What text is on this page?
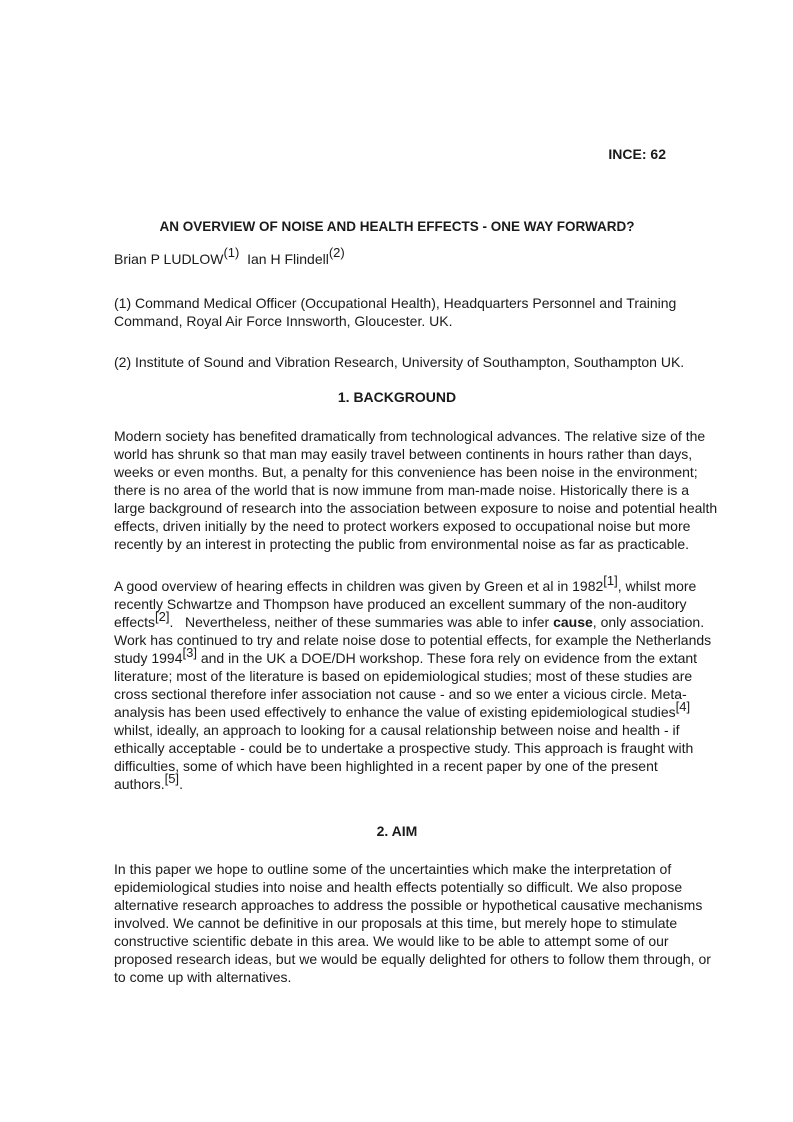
INCE: 62
AN OVERVIEW OF NOISE AND HEALTH EFFECTS - ONE WAY FORWARD?
Brian P LUDLOW$^{(1)}$ Ian H Flindell$^{(2)}$
(1) Command Medical Officer (Occupational Health), Headquarters Personnel and Training
Command, Royal Air Force Innsworth, Gloucester. UK.
(2) Institute of Sound and Vibration Research, University of Southampton, Southampton UK.
1. BACKGROUND
Modern society has benefited dramatically from technological advances. The relative size of the
world has shrunk so that man may easily travel between continents in hours rather than days,
weeks or even months. But, a penalty for this convenience has been noise in the environment;
there is no area of the world that is now immune from man-made noise. Historically there is a
large background of research into the association between exposure to noise and potential health
effects, driven initially by the need to protect workers exposed to occupational noise but more
recently by an interest in protecting the public from environmental noise as far as practicable.
A good overview of hearing effects in children was given by Green et al in 1982[1], whilst more
recently Schwartze and Thompson have produced an excellent summary of the non-auditory
effects[2].   Nevertheless, neither of these summaries was able to infer cause, only association.
Work has continued to try and relate noise dose to potential effects, for example the Netherlands
study 1994[3] and in the UK a DOE/DH workshop. These fora rely on evidence from the extant
literature; most of the literature is based on epidemiological studies; most of these studies are
cross sectional therefore infer association not cause - and so we enter a vicious circle. Meta-
analysis has been used effectively to enhance the value of existing epidemiological studies[4]
whilst, ideally, an approach to looking for a causal relationship between noise and health - if
ethically acceptable - could be to undertake a prospective study. This approach is fraught with
difficulties, some of which have been highlighted in a recent paper by one of the present
authors.[5].
2. AIM
In this paper we hope to outline some of the uncertainties which make the interpretation of
epidemiological studies into noise and health effects potentially so difficult. We also propose
alternative research approaches to address the possible or hypothetical causative mechanisms
involved. We cannot be definitive in our proposals at this time, but merely hope to stimulate
constructive scientific debate in this area. We would like to be able to attempt some of our
proposed research ideas, but we would be equally delighted for others to follow them through, or
to come up with alternatives.
